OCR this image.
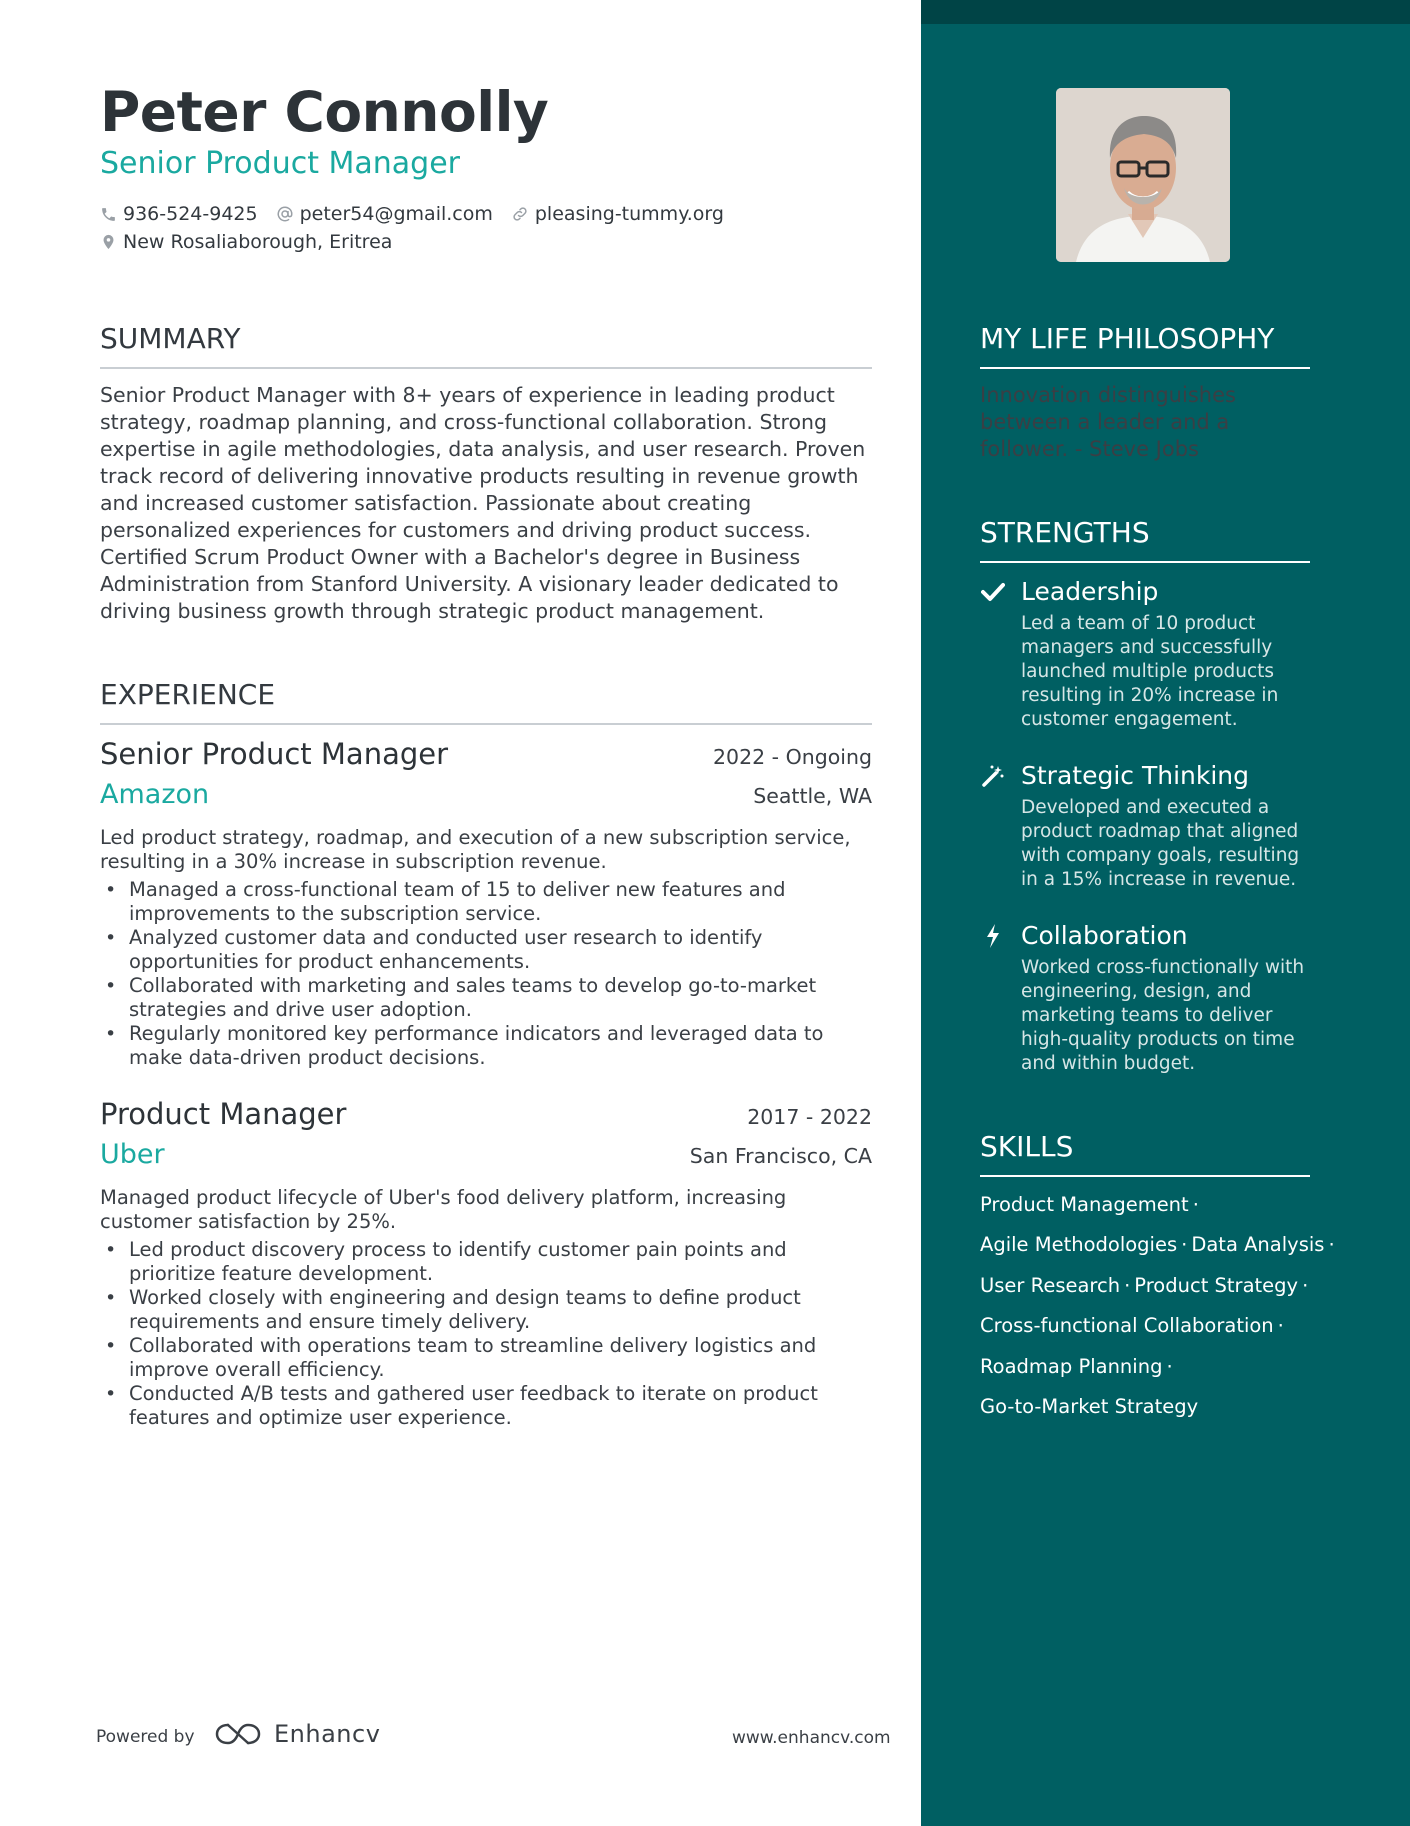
Peter Connolly
Senior Product Manager
936-524-9425 peter54@gmail.com pleasing-tummy.org
New Rosaliaborough, Eritrea
SUMMARY
Senior Product Manager with 8+ years of experience in leading product strategy, roadmap planning, and cross-functional collaboration. Strong expertise in agile methodologies, data analysis, and user research. Proven track record of delivering innovative products resulting in revenue growth and increased customer satisfaction. Passionate about creating personalized experiences for customers and driving product success. Certified Scrum Product Owner with a Bachelor's degree in Business Administration from Stanford University. A visionary leader dedicated to driving business growth through strategic product management.
EXPERIENCE
Senior Product Manager	2022 - Ongoing
Amazon	Seattle, WA
Led product strategy, roadmap, and execution of a new subscription service, resulting in a 30% increase in subscription revenue.
• Managed a cross-functional team of 15 to deliver new features and improvements to the subscription service.
• Analyzed customer data and conducted user research to identify opportunities for product enhancements.
• Collaborated with marketing and sales teams to develop go-to-market strategies and drive user adoption.
• Regularly monitored key performance indicators and leveraged data to make data-driven product decisions.
Product Manager	2017 - 2022
Uber	San Francisco, CA
Managed product lifecycle of Uber's food delivery platform, increasing customer satisfaction by 25%.
• Led product discovery process to identify customer pain points and prioritize feature development.
• Worked closely with engineering and design teams to define product requirements and ensure timely delivery.
• Collaborated with operations team to streamline delivery logistics and improve overall efficiency.
• Conducted A/B tests and gathered user feedback to iterate on product features and optimize user experience.
Powered by	Enhancv	www.enhancv.com
MY LIFE PHILOSOPHY
Innovation distinguishes between a leader and a follower. - Steve Jobs
STRENGTHS
Leadership
Led a team of 10 product managers and successfully launched multiple products resulting in 20% increase in customer engagement.
Strategic Thinking
Developed and executed a product roadmap that aligned with company goals, resulting in a 15% increase in revenue.
Collaboration
Worked cross-functionally with engineering, design, and marketing teams to deliver high-quality products on time and within budget.
SKILLS
Product Management ·
Agile Methodologies · Data Analysis ·
User Research · Product Strategy ·
Cross-functional Collaboration ·
Roadmap Planning ·
Go-to-Market Strategy
